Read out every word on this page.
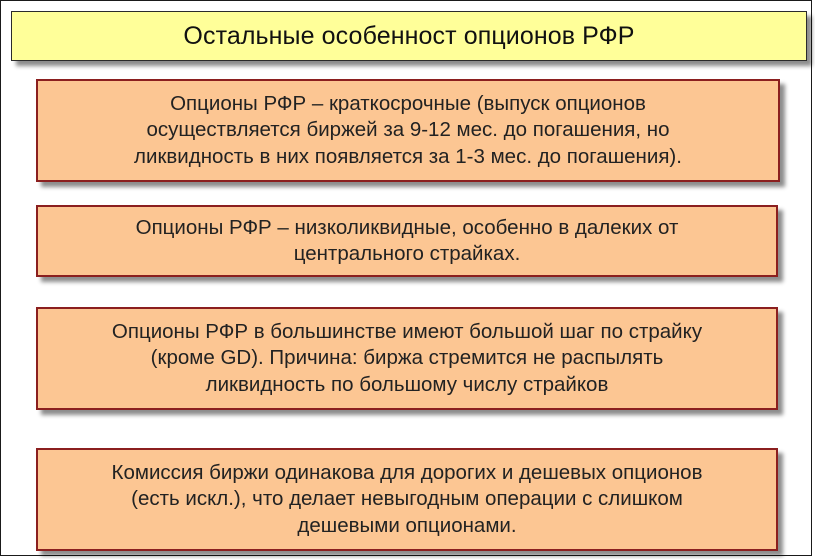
Остальные особенност опционов РФР
Опционы РФР – краткосрочные (выпуск опционов
осуществляется биржей за 9-12 мес. до погашения, но
ликвидность в них появляется за 1-3 мес. до погашения).
Опционы РФР – низколиквидные, особенно в далеких от
центрального страйках.
Опционы РФР в большинстве имеют большой шаг по страйку
(кроме GD). Причина: биржа стремится не распылять
ликвидность по большому числу страйков
Комиссия биржи одинакова для дорогих и дешевых опционов
(есть искл.), что делает невыгодным операции с слишком
дешевыми опционами.
